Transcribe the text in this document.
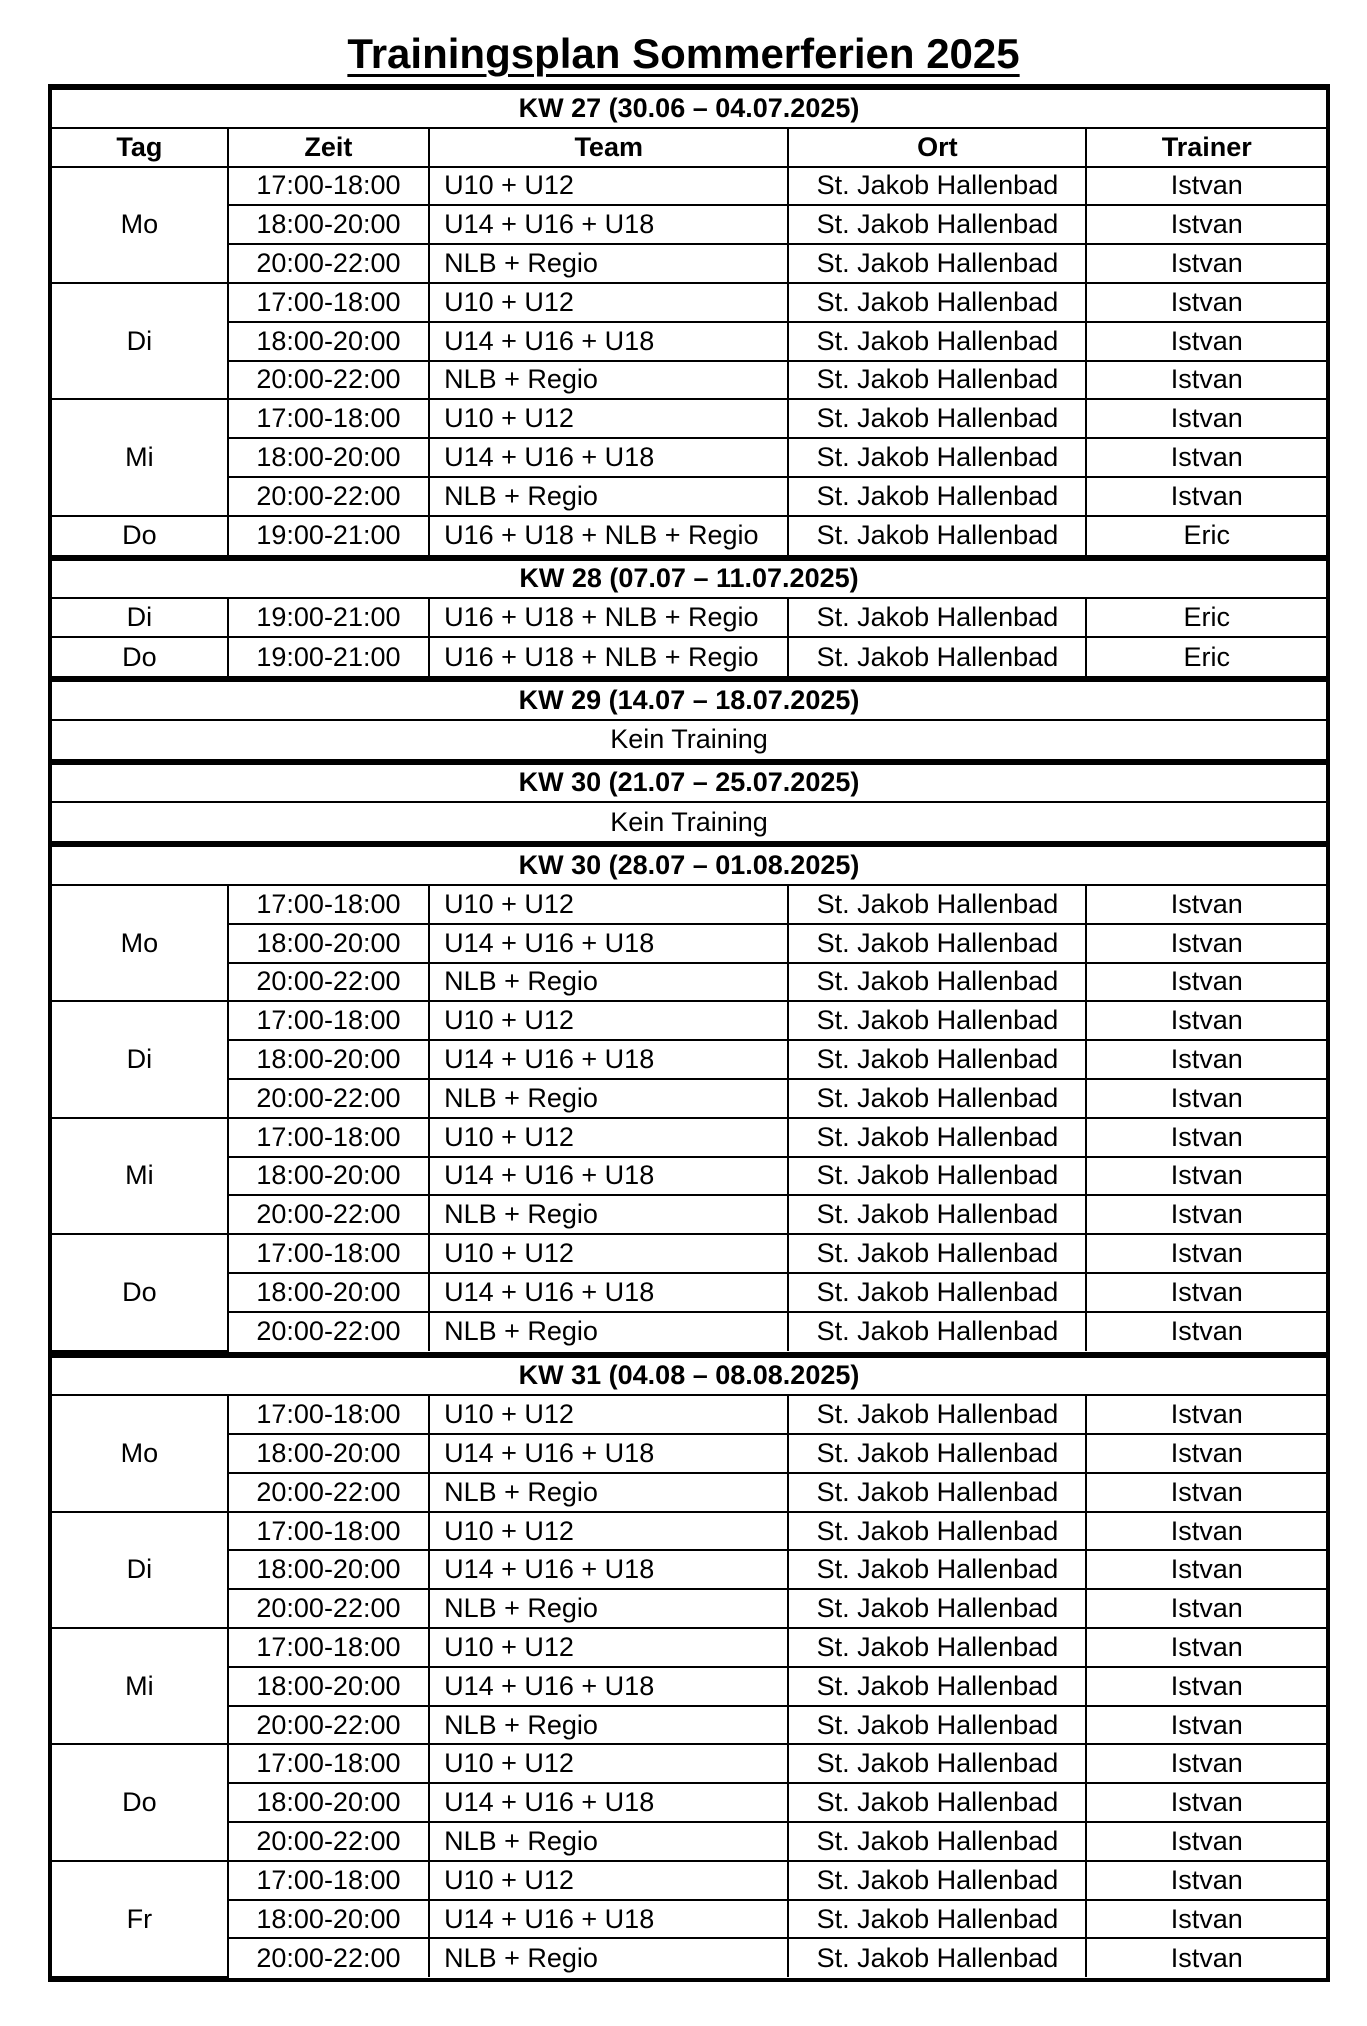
Trainingsplan Sommerferien 2025
KW 27 (30.06 – 04.07.2025)				
Tag	Zeit	Team	Ort	Trainer
Mo	17:00-18:00	U10 + U12	St. Jakob Hallenbad	Istvan
	18:00-20:00	U14 + U16 + U18	St. Jakob Hallenbad	Istvan
	20:00-22:00	NLB + Regio	St. Jakob Hallenbad	Istvan
Di	17:00-18:00	U10 + U12	St. Jakob Hallenbad	Istvan
	18:00-20:00	U14 + U16 + U18	St. Jakob Hallenbad	Istvan
	20:00-22:00	NLB + Regio	St. Jakob Hallenbad	Istvan
Mi	17:00-18:00	U10 + U12	St. Jakob Hallenbad	Istvan
	18:00-20:00	U14 + U16 + U18	St. Jakob Hallenbad	Istvan
	20:00-22:00	NLB + Regio	St. Jakob Hallenbad	Istvan
Do	19:00-21:00	U16 + U18 + NLB + Regio	St. Jakob Hallenbad	Eric
KW 28 (07.07 – 11.07.2025)				
Di	19:00-21:00	U16 + U18 + NLB + Regio	St. Jakob Hallenbad	Eric
Do	19:00-21:00	U16 + U18 + NLB + Regio	St. Jakob Hallenbad	Eric
KW 29 (14.07 – 18.07.2025)
Kein Training
KW 30 (21.07 – 25.07.2025)
Kein Training
KW 30 (28.07 – 01.08.2025)				
Mo	17:00-18:00	U10 + U12	St. Jakob Hallenbad	Istvan
	18:00-20:00	U14 + U16 + U18	St. Jakob Hallenbad	Istvan
	20:00-22:00	NLB + Regio	St. Jakob Hallenbad	Istvan
Di	17:00-18:00	U10 + U12	St. Jakob Hallenbad	Istvan
	18:00-20:00	U14 + U16 + U18	St. Jakob Hallenbad	Istvan
	20:00-22:00	NLB + Regio	St. Jakob Hallenbad	Istvan
Mi	17:00-18:00	U10 + U12	St. Jakob Hallenbad	Istvan
	18:00-20:00	U14 + U16 + U18	St. Jakob Hallenbad	Istvan
	20:00-22:00	NLB + Regio	St. Jakob Hallenbad	Istvan
Do	17:00-18:00	U10 + U12	St. Jakob Hallenbad	Istvan
	18:00-20:00	U14 + U16 + U18	St. Jakob Hallenbad	Istvan
	20:00-22:00	NLB + Regio	St. Jakob Hallenbad	Istvan
KW 31 (04.08 – 08.08.2025)				
Mo	17:00-18:00	U10 + U12	St. Jakob Hallenbad	Istvan
	18:00-20:00	U14 + U16 + U18	St. Jakob Hallenbad	Istvan
	20:00-22:00	NLB + Regio	St. Jakob Hallenbad	Istvan
Di	17:00-18:00	U10 + U12	St. Jakob Hallenbad	Istvan
	18:00-20:00	U14 + U16 + U18	St. Jakob Hallenbad	Istvan
	20:00-22:00	NLB + Regio	St. Jakob Hallenbad	Istvan
Mi	17:00-18:00	U10 + U12	St. Jakob Hallenbad	Istvan
	18:00-20:00	U14 + U16 + U18	St. Jakob Hallenbad	Istvan
	20:00-22:00	NLB + Regio	St. Jakob Hallenbad	Istvan
Do	17:00-18:00	U10 + U12	St. Jakob Hallenbad	Istvan
	18:00-20:00	U14 + U16 + U18	St. Jakob Hallenbad	Istvan
	20:00-22:00	NLB + Regio	St. Jakob Hallenbad	Istvan
Fr	17:00-18:00	U10 + U12	St. Jakob Hallenbad	Istvan
	18:00-20:00	U14 + U16 + U18	St. Jakob Hallenbad	Istvan
	20:00-22:00	NLB + Regio	St. Jakob Hallenbad	Istvan
